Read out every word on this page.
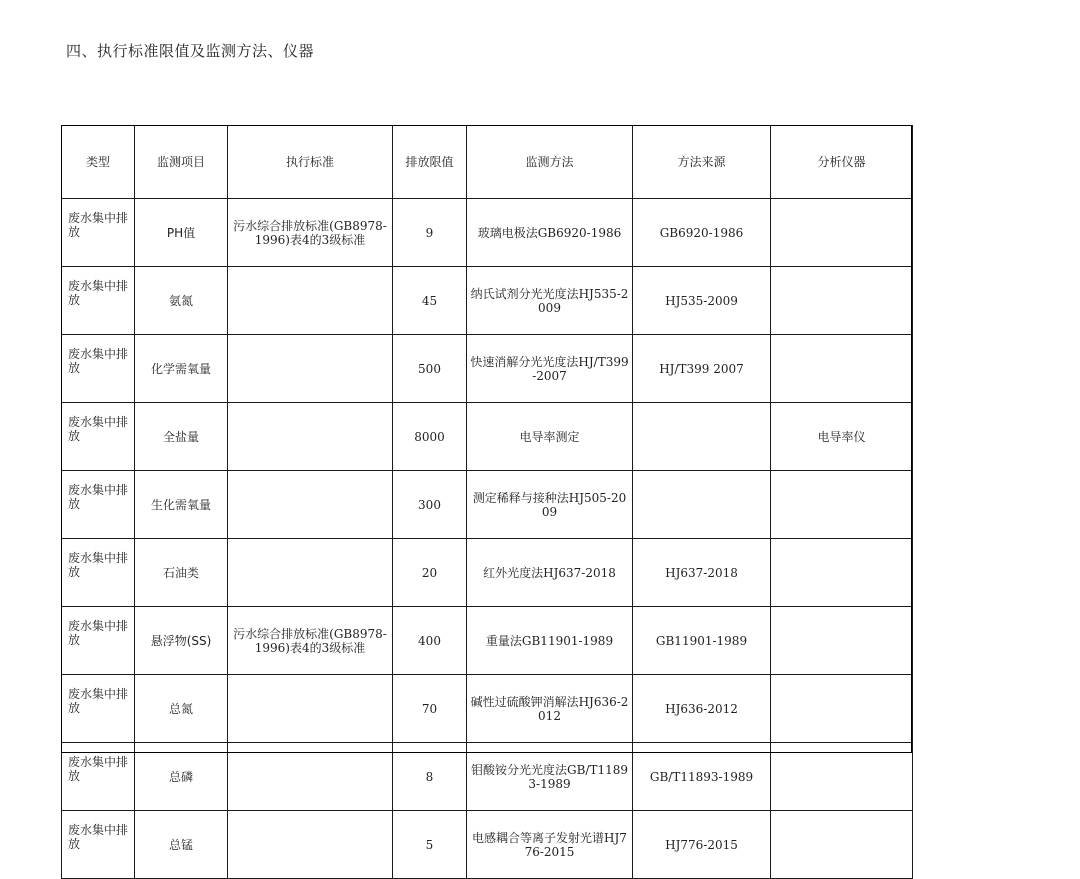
四、执行标准限值及监测方法、仪器
类型	监测项目	执行标准	排放限值	监测方法	方法来源	分析仪器
废水集中排放	PH值	污水综合排放标准(GB8978-1996)表4的3级标准	9	玻璃电极法GB6920-1986	GB6920-1986	
废水集中排放	氨氮		45	纳氏试剂分光光度法HJ535-2009	HJ535-2009	
废水集中排放	化学需氧量		500	快速消解分光光度法HJ/T399-2007	HJ/T399 2007	
废水集中排放	全盐量		8000	电导率测定		电导率仪
废水集中排放	生化需氧量		300	测定稀释与接种法HJ505-2009		
废水集中排放	石油类		20	红外光度法HJ637-2018	HJ637-2018	
废水集中排放	悬浮物(SS)	污水综合排放标准(GB8978-1996)表4的3级标准	400	重量法GB11901-1989	GB11901-1989	
废水集中排放	总氮		70	碱性过硫酸钾消解法HJ636-2012	HJ636-2012	
废水集中排放	总磷		8	钼酸铵分光光度法GB/T11893-1989	GB/T11893-1989	
废水集中排放	总锰		5	电感耦合等离子发射光谱HJ776-2015	HJ776-2015	
